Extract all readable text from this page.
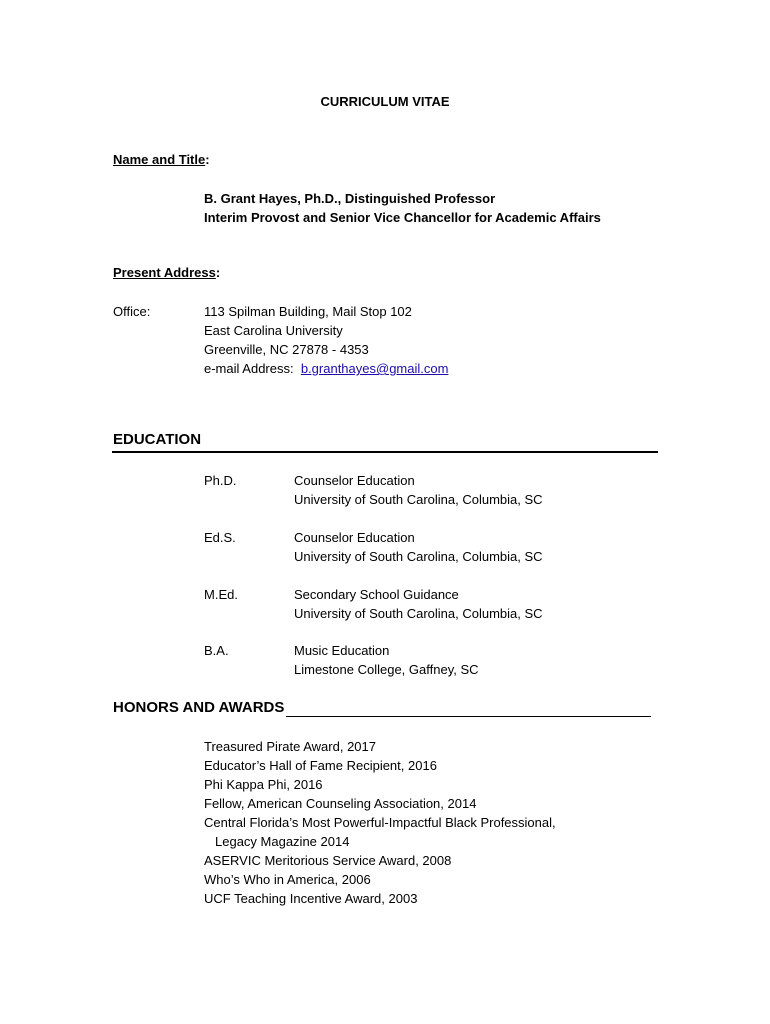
CURRICULUM VITAE
Name and Title:
B. Grant Hayes, Ph.D., Distinguished Professor
Interim Provost and Senior Vice Chancellor for Academic Affairs
Present Address:
Office:	113 Spilman Building, Mail Stop 102
East Carolina University
Greenville, NC 27878 - 4353
e-mail Address: b.granthayes@gmail.com
EDUCATION
Ph.D.	Counselor Education
University of South Carolina, Columbia, SC
Ed.S.	Counselor Education
University of South Carolina, Columbia, SC
M.Ed.	Secondary School Guidance
University of South Carolina, Columbia, SC
B.A.	Music Education
Limestone College, Gaffney, SC
HONORS AND AWARDS
Treasured Pirate Award, 2017
Educator’s Hall of Fame Recipient, 2016
Phi Kappa Phi, 2016
Fellow, American Counseling Association, 2014
Central Florida’s Most Powerful-Impactful Black Professional,
Legacy Magazine 2014
ASERVIC Meritorious Service Award, 2008
Who’s Who in America, 2006
UCF Teaching Incentive Award, 2003
